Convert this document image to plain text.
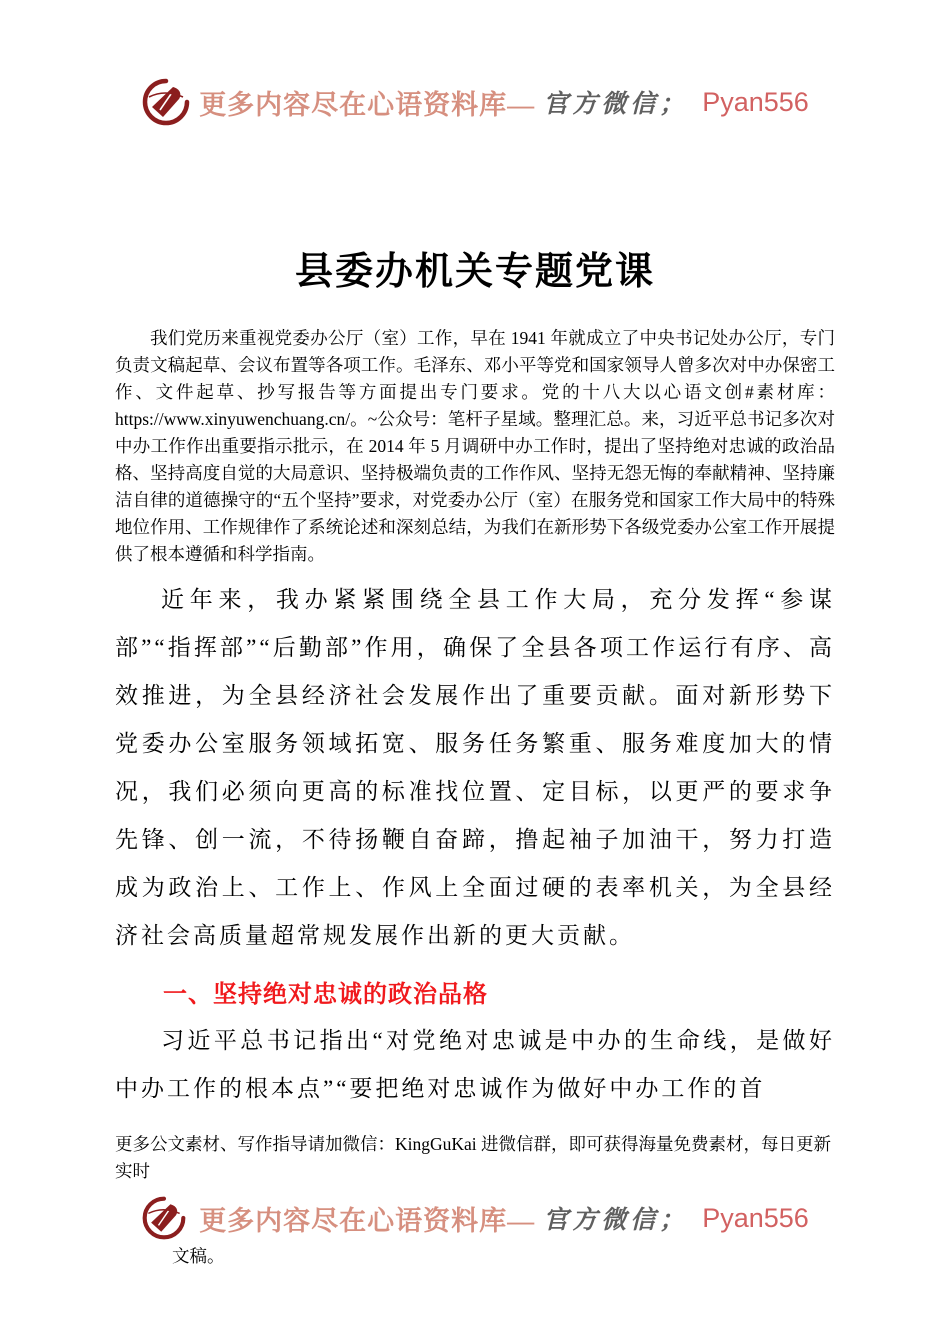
更多内容尽在心语资料库— 官方微信； Pyan556
县委办机关专题党课

我们党历来重视党委办公厅（室）工作，早在 1941 年就成立了中央书记处办公厅，专门负责文稿起草、会议布置等各项工作。毛泽东、邓小平等党和国家领导人曾多次对中办保密工作、文件起草、抄写报告等方面提出专门要求。党的十八大以心语文创#素材库：https://www.xinyuwenchuang.cn/。~公众号：笔杆子星域。整理汇总。来，习近平总书记多次对中办工作作出重要指示批示，在 2014 年 5 月调研中办工作时，提出了坚持绝对忠诚的政治品格、坚持高度自觉的大局意识、坚持极端负责的工作作风、坚持无怨无悔的奉献精神、坚持廉洁自律的道德操守的“五个坚持”要求，对党委办公厅（室）在服务党和国家工作大局中的特殊地位作用、工作规律作了系统论述和深刻总结，为我们在新形势下各级党委办公室工作开展提供了根本遵循和科学指南。

近年来，我办紧紧围绕全县工作大局，充分发挥“参谋部”“指挥部”“后勤部”作用，确保了全县各项工作运行有序、高效推进，为全县经济社会发展作出了重要贡献。面对新形势下党委办公室服务领域拓宽、服务任务繁重、服务难度加大的情况，我们必须向更高的标准找位置、定目标，以更严的要求争先锋、创一流，不待扬鞭自奋蹄，撸起袖子加油干，努力打造成为政治上、工作上、作风上全面过硬的表率机关，为全县经济社会高质量超常规发展作出新的更大贡献。

一、坚持绝对忠诚的政治品格

习近平总书记指出“对党绝对忠诚是中办的生命线，是做好中办工作的根本点”“要把绝对忠诚作为做好中办工作的首

更多公文素材、写作指导请加微信：KingGuKai 进微信群，即可获得海量免费素材，每日更新实时

更多内容尽在心语资料库— 官方微信； Pyan556

文稿。
